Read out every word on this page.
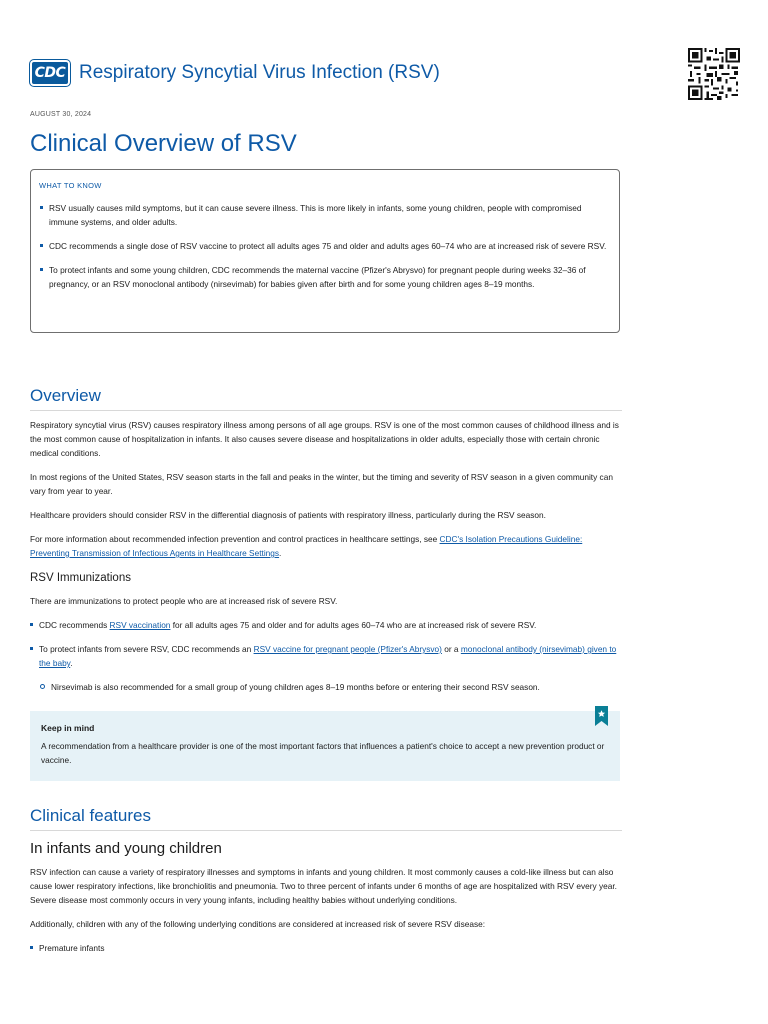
CDC Respiratory Syncytial Virus Infection (RSV)
AUGUST 30, 2024
Clinical Overview of RSV
WHAT TO KNOW
RSV usually causes mild symptoms, but it can cause severe illness. This is more likely in infants, some young children, people with compromised immune systems, and older adults.
CDC recommends a single dose of RSV vaccine to protect all adults ages 75 and older and adults ages 60–74 who are at increased risk of severe RSV.
To protect infants and some young children, CDC recommends the maternal vaccine (Pfizer's Abrysvo) for pregnant people during weeks 32–36 of pregnancy, or an RSV monoclonal antibody (nirsevimab) for babies given after birth and for some young children ages 8–19 months.
Overview

Respiratory syncytial virus (RSV) causes respiratory illness among persons of all age groups. RSV is one of the most common causes of childhood illness and is the most common cause of hospitalization in infants. It also causes severe disease and hospitalizations in older adults, especially those with certain chronic medical conditions.

In most regions of the United States, RSV season starts in the fall and peaks in the winter, but the timing and severity of RSV season in a given community can vary from year to year.

Healthcare providers should consider RSV in the differential diagnosis of patients with respiratory illness, particularly during the RSV season.

For more information about recommended infection prevention and control practices in healthcare settings, see CDC's Isolation Precautions Guideline: Preventing Transmission of Infectious Agents in Healthcare Settings.

RSV Immunizations

There are immunizations to protect people who are at increased risk of severe RSV.

CDC recommends RSV vaccination for all adults ages 75 and older and for adults ages 60–74 who are at increased risk of severe RSV.
To protect infants from severe RSV, CDC recommends an RSV vaccine for pregnant people (Pfizer's Abrysvo) or a monoclonal antibody (nirsevimab) given to the baby.
Nirsevimab is also recommended for a small group of young children ages 8–19 months before or entering their second RSV season.
Keep in mind

A recommendation from a healthcare provider is one of the most important factors that influences a patient's choice to accept a new prevention product or vaccine.

Clinical features
In infants and young children

RSV infection can cause a variety of respiratory illnesses and symptoms in infants and young children. It most commonly causes a cold-like illness but can also cause lower respiratory infections, like bronchiolitis and pneumonia. Two to three percent of infants under 6 months of age are hospitalized with RSV every year. Severe disease most commonly occurs in very young infants, including healthy babies without underlying conditions.

Additionally, children with any of the following underlying conditions are considered at increased risk of severe RSV disease:

Premature infants
